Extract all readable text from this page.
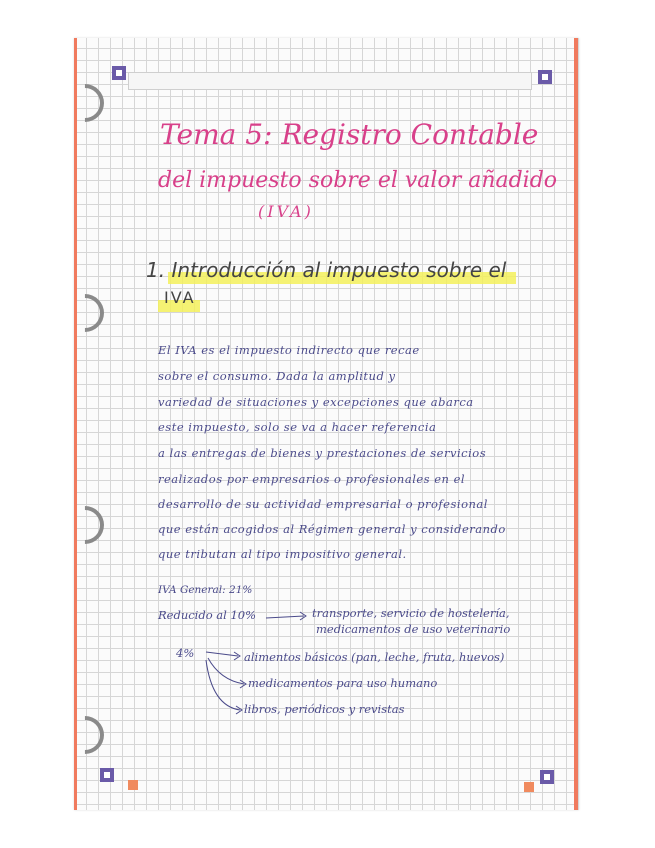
Tema 5: Registro Contable
del impuesto sobre el valor añadido
(IVA)
1. Introducción al impuesto sobre el
IVA
El IVA es el impuesto indirecto que recae
sobre el consumo. Dada la amplitud y
variedad de situaciones y excepciones que abarca
este impuesto, solo se va a hacer referencia
a las entregas de bienes y prestaciones de servicios
realizados por empresarios o profesionales en el
desarrollo de su actividad empresarial o profesional
que están acogidos al Régimen general y considerando
que tributan al tipo impositivo general.
IVA General: 21%
Reducido al 10%	transporte, servicio de hostelería,
medicamentos de uso veterinario
4%	alimentos básicos (pan, leche, fruta, huevos)
medicamentos para uso humano
libros, periódicos y revistas
